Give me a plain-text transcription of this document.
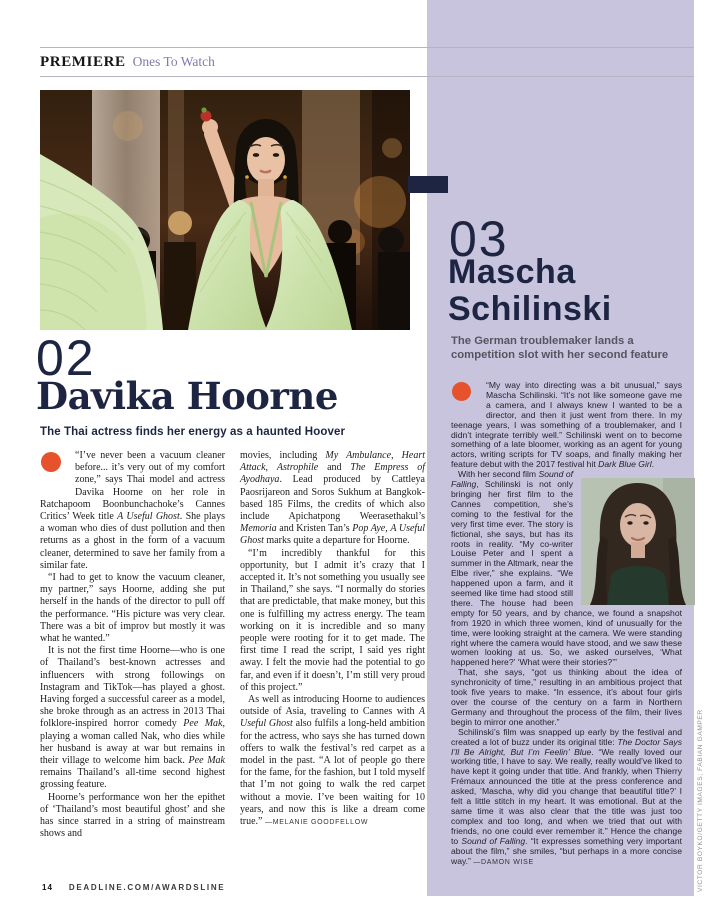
PREMIERE Ones To Watch
02
Davika Hoorne
The Thai actress finds her energy as a haunted Hoover

“I’ve never been a vacuum cleaner before... it’s very out of my comfort zone,” says Thai model and actress Davika Hoorne on her role in Ratchapoom Boonbunchachoke’s Cannes Critics’ Week title A Useful Ghost. She plays a woman who dies of dust pollution and then returns as a ghost in the form of a vacuum cleaner, determined to save her family from a similar fate.

“I had to get to know the vacuum cleaner, my partner,” says Hoorne, adding she put herself in the hands of the director to pull off the performance. “His picture was very clear. There was a bit of improv but mostly it was what he wanted.”

It is not the first time Hoorne—who is one of Thailand’s best-known actresses and influencers with strong followings on Instagram and TikTok—has played a ghost. Having forged a successful career as a model, she broke through as an actress in 2013 Thai folklore-inspired horror comedy Pee Mak, playing a woman called Nak, who dies while her husband is away at war but remains in their village to welcome him back. Pee Mak remains Thailand’s all-time second highest grossing feature.

Hoorne’s performance won her the epithet of ‘Thailand’s most beautiful ghost’ and she has since starred in a string of mainstream shows and

movies, including My Ambulance, Heart Attack, Astrophile and The Empress of Ayodhaya. Lead produced by Cattleya Paosrijareon and Soros Sukhum at Bangkok-based 185 Films, the credits of which also include Apichatpong Weerasethakul’s Memoria and Kristen Tan’s Pop Aye, A Useful Ghost marks quite a departure for Hoorne.

“I’m incredibly thankful for this opportunity, but I admit it’s crazy that I accepted it. It’s not something you usually see in Thailand,” she says. “I normally do stories that are predictable, that make money, but this one is fulfilling my actress energy. The team working on it is incredible and so many people were rooting for it to get made. The first time I read the script, I said yes right away. I felt the movie had the potential to go far, and even if it doesn’t, I’m still very proud of this project.”

As well as introducing Hoorne to audiences outside of Asia, traveling to Cannes with A Useful Ghost also fulfils a long-held ambition for the actress, who says she has turned down offers to walk the festival’s red carpet as a model in the past. “A lot of people go there for the fame, for the fashion, but I told myself that I’m not going to walk the red carpet without a movie. I’ve been waiting for 10 years, and now this is like a dream come true.” —MELANIE GOODFELLOW

03
Mascha
Schilinski
The German troublemaker lands a competition slot with her second feature

“My way into directing was a bit unusual,” says Mascha Schilinski. “It’s not like someone gave me a camera, and I always knew I wanted to be a director, and then it just went from there. In my teenage years, I was something of a troublemaker, and I didn’t integrate terribly well.” Schilinski went on to become something of a late bloomer, working as an agent for young actors, writing scripts for TV soaps, and finally making her feature debut with the 2017 festival hit Dark Blue Girl.

With her second film Sound of Falling, Schilinski is not only bringing her first film to the Cannes competition, she’s coming to the festival for the very first time ever. The story is fictional, she says, but has its roots in reality. “My co-writer Louise Peter and I spent a summer in the Altmark, near the Elbe river,” she explains. “We happened upon a farm, and it seemed like time had stood still there. The house had been empty for 50 years, and by chance, we found a snapshot from 1920 in which three women, kind of unusually for the time, were looking straight at the camera. We were standing right where the camera would have stood, and we saw these women looking at us. So, we asked ourselves, ‘What happened here?’ ‘What were their stories?’”

That, she says, “got us thinking about the idea of synchronicity of time,” resulting in an ambitious project that took five years to make. “In essence, it’s about four girls over the course of the century on a farm in Northern Germany and throughout the process of the film, their lives begin to mirror one another.”

Schilinski’s film was snapped up early by the festival and created a lot of buzz under its original title: The Doctor Says I’ll Be Alright, But I’m Feelin’ Blue. “We really loved our working title, I have to say. We really, really would’ve liked to have kept it going under that title. And frankly, when Thierry Frémaux announced the title at the press conference and asked, ‘Mascha, why did you change that beautiful title?’ I felt a little stitch in my heart. It was emotional. But at the same time it was also clear that the title was just too complex and too long, and when we tried that out with friends, no one could ever remember it.” Hence the change to Sound of Falling. “It expresses something very important about the film,” she smiles, “but perhaps in a more concise way.” —DAMON WISE

14 DEADLINE.COM/AWARDSLINE	VICTOR BOYKO/GETTY IMAGES; FABIAN GAMPER
